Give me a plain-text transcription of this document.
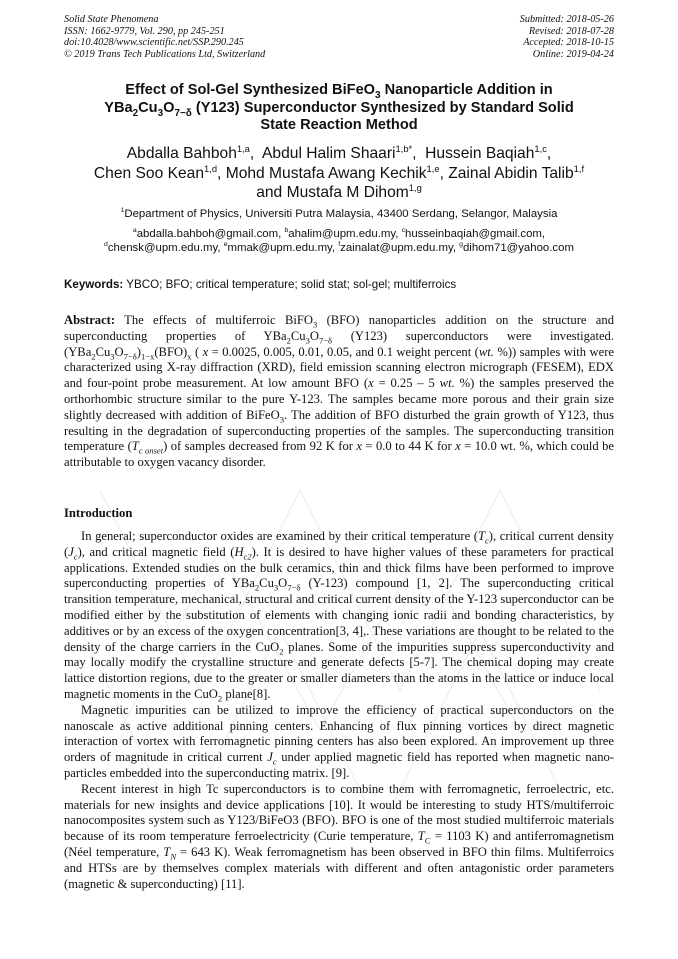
Solid State Phenomena
ISSN: 1662-9779, Vol. 290, pp 245-251
doi:10.4028/www.scientific.net/SSP.290.245
© 2019 Trans Tech Publications Ltd, Switzerland
Submitted: 2018-05-26
Revised: 2018-07-28
Accepted: 2018-10-15
Online: 2019-04-24
Effect of Sol-Gel Synthesized BiFeO$_3$ Nanoparticle Addition in
$YBa_2Cu_3O_{7-\delta}$ (Y123) Superconductor Synthesized by Standard Solid
State Reaction Method
Abdalla Bahboh$^{1,a}$,  Abdul Halim Shaari$^{1,b*}$,  Hussein Baqiah$^{1,c}$,
Chen Soo Kean$^{1,d}$, Mohd Mustafa Awang Kechik$^{1,e}$, Zainal Abidin Talib$^{1,f}$
and Mustafa M Dihom$^{1,g}$
$^1$Department of Physics, Universiti Putra Malaysia, 43400 Serdang, Selangor, Malaysia
$^a$abdalla.bahboh@gmail.com, $^b$ahalim@upm.edu.my, $^c$husseinbaqiah@gmail.com,
$^d$chensk@upm.edu.my, $^e$mmak@upm.edu.my, $^f$zainalat@upm.edu.my, $^g$dihom71@yahoo.com
Keywords: YBCO; BFO; critical temperature; solid stat; sol-gel; multiferroics
Abstract: The effects of multiferroic BiFO$_3$ (BFO) nanoparticles addition on the structure and superconducting properties of $YBa_2Cu_3O_{7-\delta}$ (Y123) superconductors were investigated. $(YBa_2Cu_3O_{7-\delta})_{1-x}(BFO)_x$ ( x = 0.0025, 0.005, 0.01, 0.05, and 0.1 weight percent (wt. %)) samples with were characterized using X-ray diffraction (XRD), field emission scanning electron micrograph (FESEM), EDX and four-point probe measurement. At low amount BFO (x = 0.25 – 5 wt. %) the samples preserved the orthorhombic structure similar to the pure Y-123. The samples became more porous and their grain size slightly decreased with addition of BiFeO$_3$. The addition of BFO disturbed the grain growth of Y123, thus resulting in the degradation of superconducting properties of the samples. The superconducting transition temperature $(T_{c onset})$ of samples decreased from 92 K for x = 0.0 to 44 K for x = 10.0 wt. %, which could be attributable to oxygen vacancy disorder.
Introduction

In general; superconductor oxides are examined by their critical temperature $(T_c)$, critical current density $(J_c)$, and critical magnetic field $(H_{c2})$. It is desired to have higher values of these parameters for practical applications. Extended studies on the bulk ceramics, thin and thick films have been performed to improve superconducting properties of $YBa_2Cu_3O_{7-\delta}$ (Y-123) compound [1, 2]. The superconducting critical transition temperature, mechanical, structural and critical current density of the Y-123 superconductor can be modified either by the substitution of elements with changing ionic radii and bonding characteristics, by additives or by an excess of the oxygen concentration[3, 4],. These variations are thought to be related to the density of the charge carriers in the CuO$_2$ planes. Some of the impurities suppress superconductivity and may locally modify the crystalline structure and generate defects [5-7]. The chemical doping may create lattice distortion regions, due to the greater or smaller diameters than the atoms in the lattice or induce local magnetic moments in the CuO$_2$ plane[8].

Magnetic impurities can be utilized to improve the efficiency of practical superconductors on the nanoscale as active additional pinning centers. Enhancing of flux pinning vortices by direct magnetic interaction of vortex with ferromagnetic pinning centers has also been explored. An improvement up three orders of magnitude in critical current $J_c$ under applied magnetic field has reported when magnetic nano-particles embedded into the superconducting matrix. [9].

Recent interest in high Tc superconductors is to combine them with ferromagnetic, ferroelectric, etc. materials for new insights and device applications [10]. It would be interesting to study HTS/multiferroic nanocomposites system such as Y123/BiFeO3 (BFO). BFO is one of the most studied multiferroic materials because of its room temperature ferroelectricity (Curie temperature, $T_C = 1103$ K) and antiferromagnetism (Néel temperature, $T_N = 643$ K). Weak ferromagnetism has been observed in BFO thin films. Multiferroics and HTSs are by themselves complex materials with different and often antagonistic order parameters (magnetic & superconducting) [11].
